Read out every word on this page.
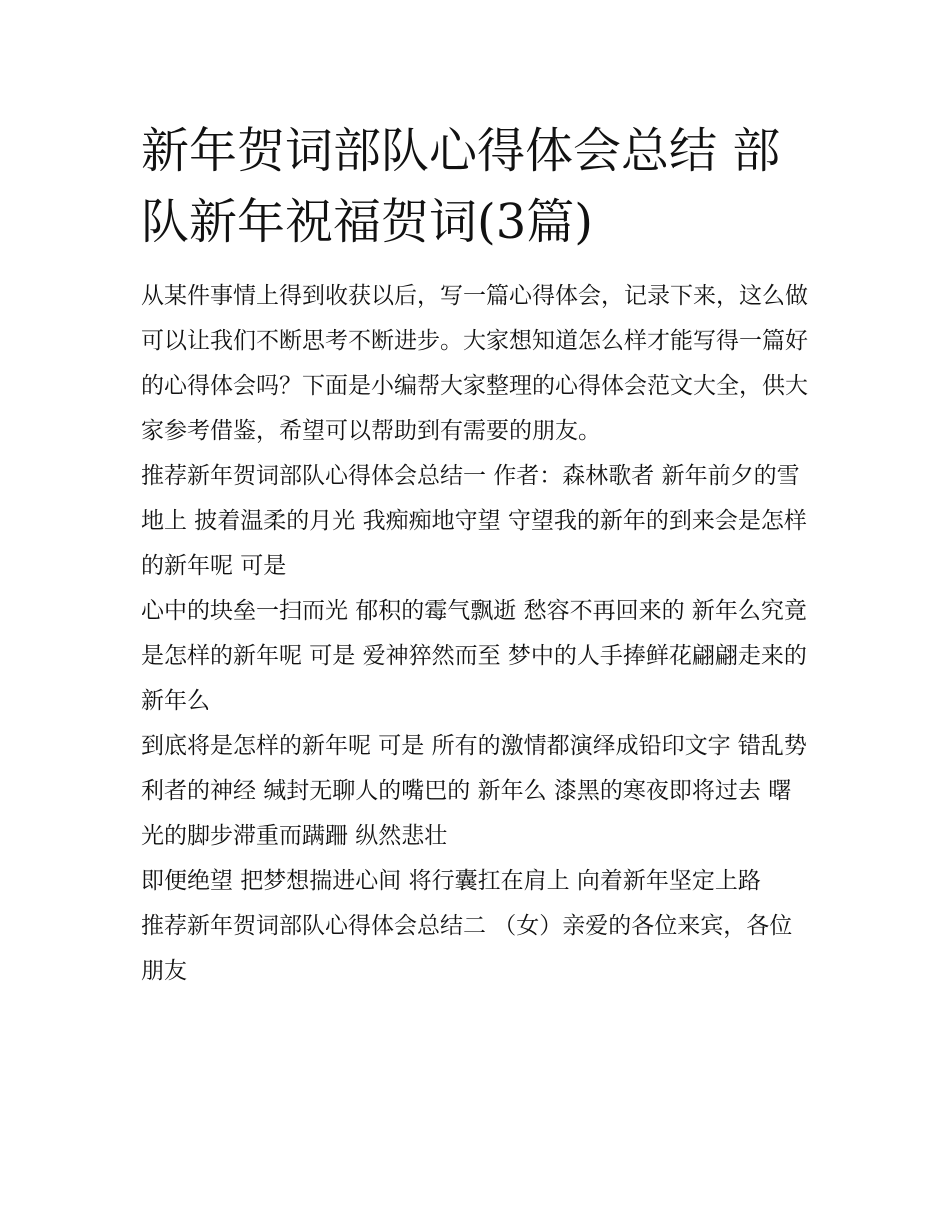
新年贺词部队心得体会总结 部队新年祝福贺词(3篇)

从某件事情上得到收获以后，写一篇心得体会，记录下来，这么做可以让我们不断思考不断进步。大家想知道怎么样才能写得一篇好的心得体会吗？下面是小编帮大家整理的心得体会范文大全，供大家参考借鉴，希望可以帮助到有需要的朋友。

推荐新年贺词部队心得体会总结一 作者：森林歌者 新年前夕的雪地上 披着温柔的月光 我痴痴地守望 守望我的新年的到来会是怎样的新年呢 可是

心中的块垒一扫而光 郁积的霉气飘逝 愁容不再回来的 新年么究竟是怎样的新年呢 可是 爱神猝然而至 梦中的人手捧鲜花翩翩走来的 新年么

到底将是怎样的新年呢 可是 所有的激情都演绎成铅印文字 错乱势利者的神经 缄封无聊人的嘴巴的 新年么 漆黑的寒夜即将过去 曙光的脚步滞重而蹒跚 纵然悲壮

即便绝望 把梦想揣进心间 将行囊扛在肩上 向着新年坚定上路

推荐新年贺词部队心得体会总结二 （女）亲爱的各位来宾，各位朋友
